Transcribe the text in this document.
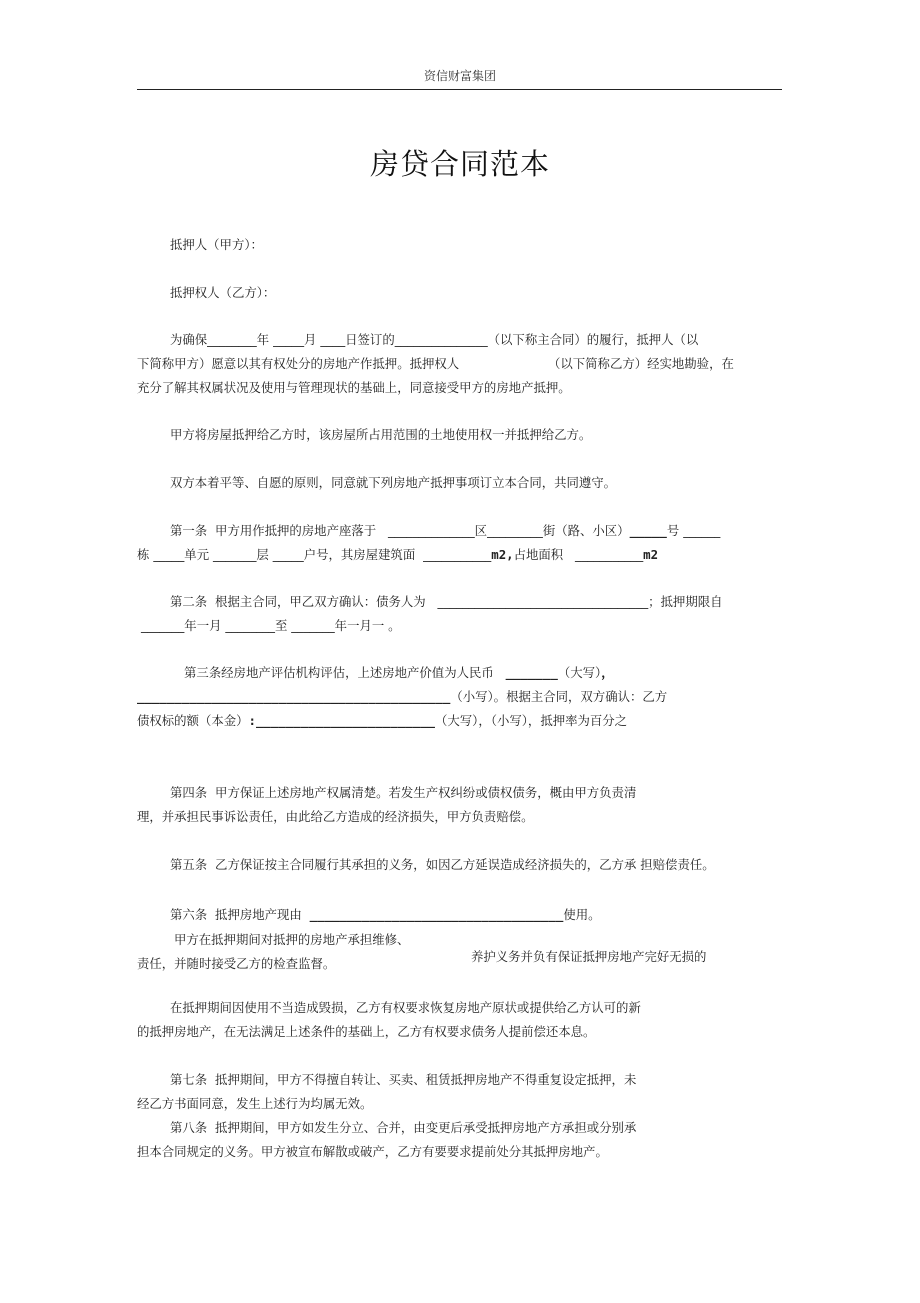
资信财富集团
房贷合同范本
抵押人（甲方）：
抵押权人（乙方）：
为确保________年 _____月 ____日签订的_______________（以下称主合同）的履行，抵押人（以
下简称甲方）愿意以其有权处分的房地产作抵押。抵押权人	（以下简称乙方）经实地勘验，在
充分了解其权属状况及使用与管理现状的基础上，同意接受甲方的房地产抵押。
甲方将房屋抵押给乙方时，该房屋所占用范围的土地使用权一并抵押给乙方。
双方本着平等、自愿的原则，同意就下列房地产抵押事项订立本合同，共同遵守。
第一条  甲方用作抵押的房地产座落于   ______________区_________街（路、小区）_____号 ______
栋 _____单元 _______层 _____户号，其房屋建筑面  ___________m2,占地面积   ___________m2
第二条  根据主合同，甲乙双方确认：债务人为   __________________________________；抵押期限自
_______年一月 ________至 _______年一月一 。
第三条经房地产评估机构评估，上述房地产价值为人民币   _______（大写），
__________________________________________（小写）。根据主合同，双方确认：乙方
债权标的额（本金）:________________________（大写），（小写），抵押率为百分之
第四条  甲方保证上述房地产权属清楚。若发生产权纠纷或债权债务，概由甲方负责清
理，并承担民事诉讼责任，由此给乙方造成的经济损失，甲方负责赔偿。
第五条  乙方保证按主合同履行其承担的义务，如因乙方延误造成经济损失的，乙方承 担赔偿责任。
第六条  抵押房地产现由  __________________________________使用。
甲方在抵押期间对抵押的房地产承担维修、
责任，并随时接受乙方的检查监督。	养护义务并负有保证抵押房地产完好无损的
在抵押期间因使用不当造成毁损，乙方有权要求恢复房地产原状或提供给乙方认可的新
的抵押房地产，在无法满足上述条件的基础上，乙方有权要求债务人提前偿还本息。
第七条  抵押期间，甲方不得擅自转让、买卖、租赁抵押房地产不得重复设定抵押，未
经乙方书面同意，发生上述行为均属无效。
第八条  抵押期间，甲方如发生分立、合并，由变更后承受抵押房地产方承担或分别承
担本合同规定的义务。甲方被宣布解散或破产，乙方有要要求提前处分其抵押房地产。
